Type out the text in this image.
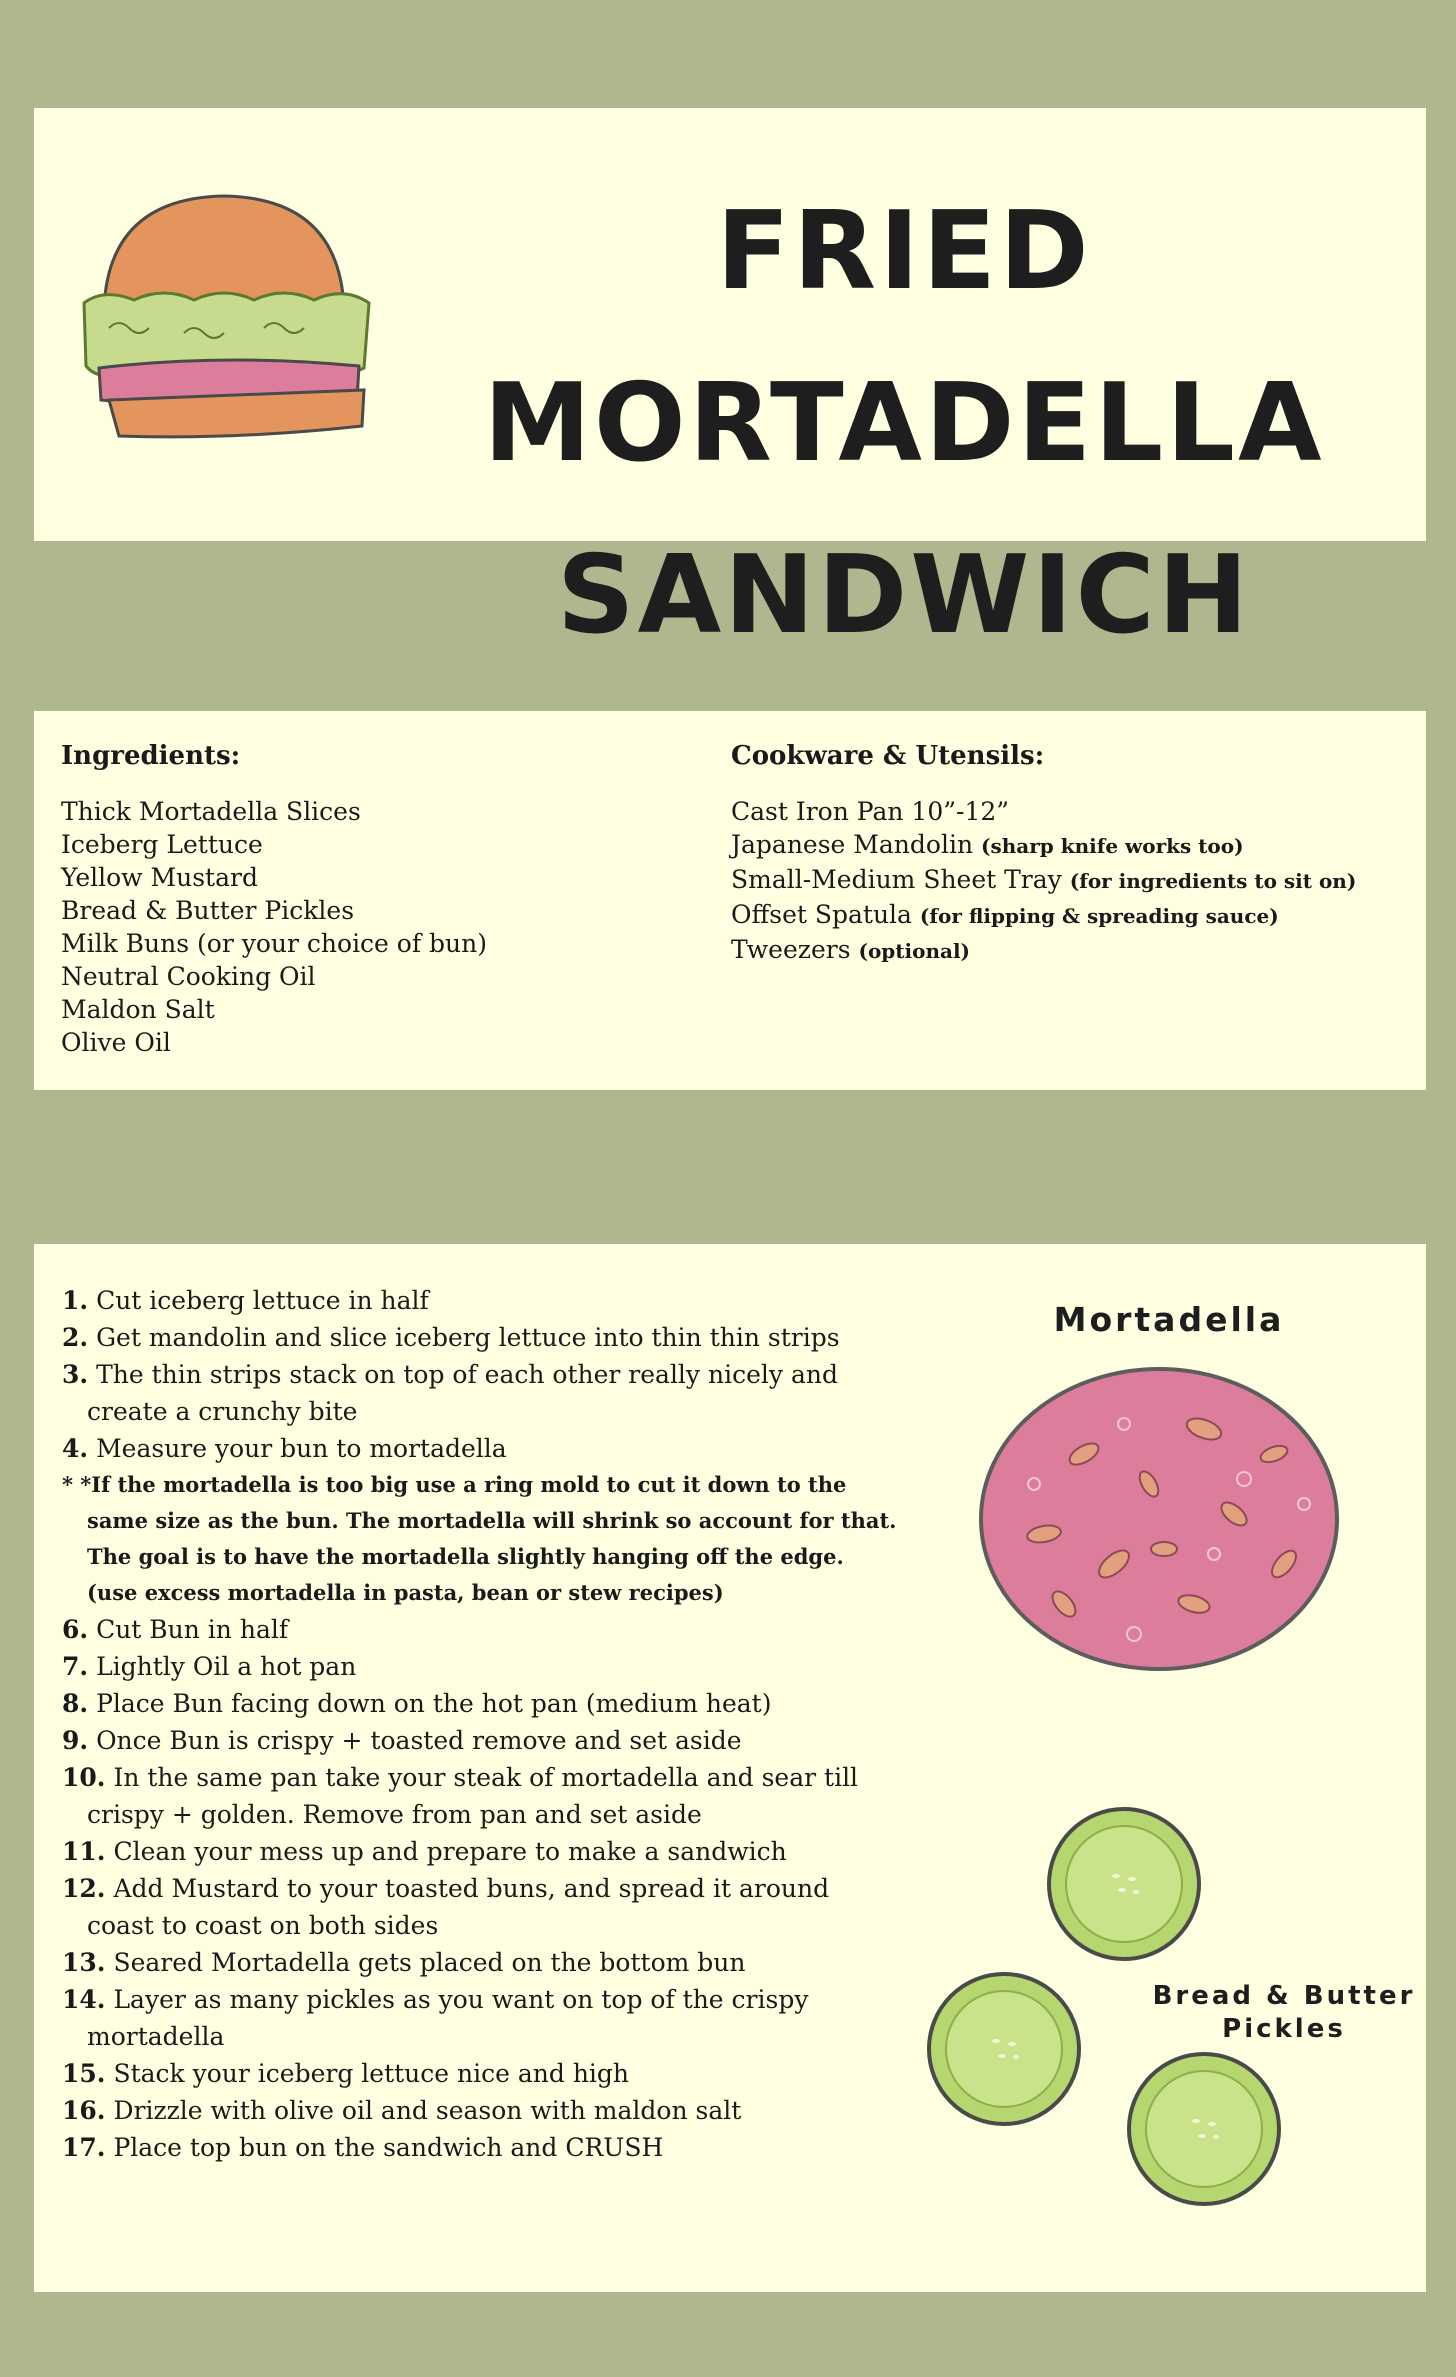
FRIED MORTADELLA
SANDWICH
Ingredients:
Thick Mortadella Slices
Iceberg Lettuce
Yellow Mustard
Bread & Butter Pickles
Milk Buns (or your choice of bun)
Neutral Cooking Oil
Maldon Salt
Olive Oil
Cookware & Utensils:
Cast Iron Pan 10”-12”
Japanese Mandolin (sharp knife works too)
Small-Medium Sheet Tray (for ingredients to sit on)
Offset Spatula (for flipping & spreading sauce)
Tweezers (optional)
1. Cut iceberg lettuce in half
2. Get mandolin and slice iceberg lettuce into thin thin strips
3. The thin strips stack on top of each other really nicely and create a crunchy bite
4. Measure your bun to mortadella
* *If the mortadella is too big use a ring mold to cut it down to the same size as the bun. The mortadella will shrink so account for that. The goal is to have the mortadella slightly hanging off the edge.
(use excess mortadella in pasta, bean or stew recipes)
6. Cut Bun in half
7. Lightly Oil a hot pan
8. Place Bun facing down on the hot pan (medium heat)
9. Once Bun is crispy + toasted remove and set aside
10. In the same pan take your steak of mortadella and sear till crispy + golden. Remove from pan and set aside
11. Clean your mess up and prepare to make a sandwich
12. Add Mustard to your toasted buns, and spread it around coast to coast on both sides
13. Seared Mortadella gets placed on the bottom bun
14. Layer as many pickles as you want on top of the crispy mortadella
15. Stack your iceberg lettuce nice and high
16. Drizzle with olive oil and season with maldon salt
17. Place top bun on the sandwich and CRUSH
Mortadella
Bread & Butter
Pickles
